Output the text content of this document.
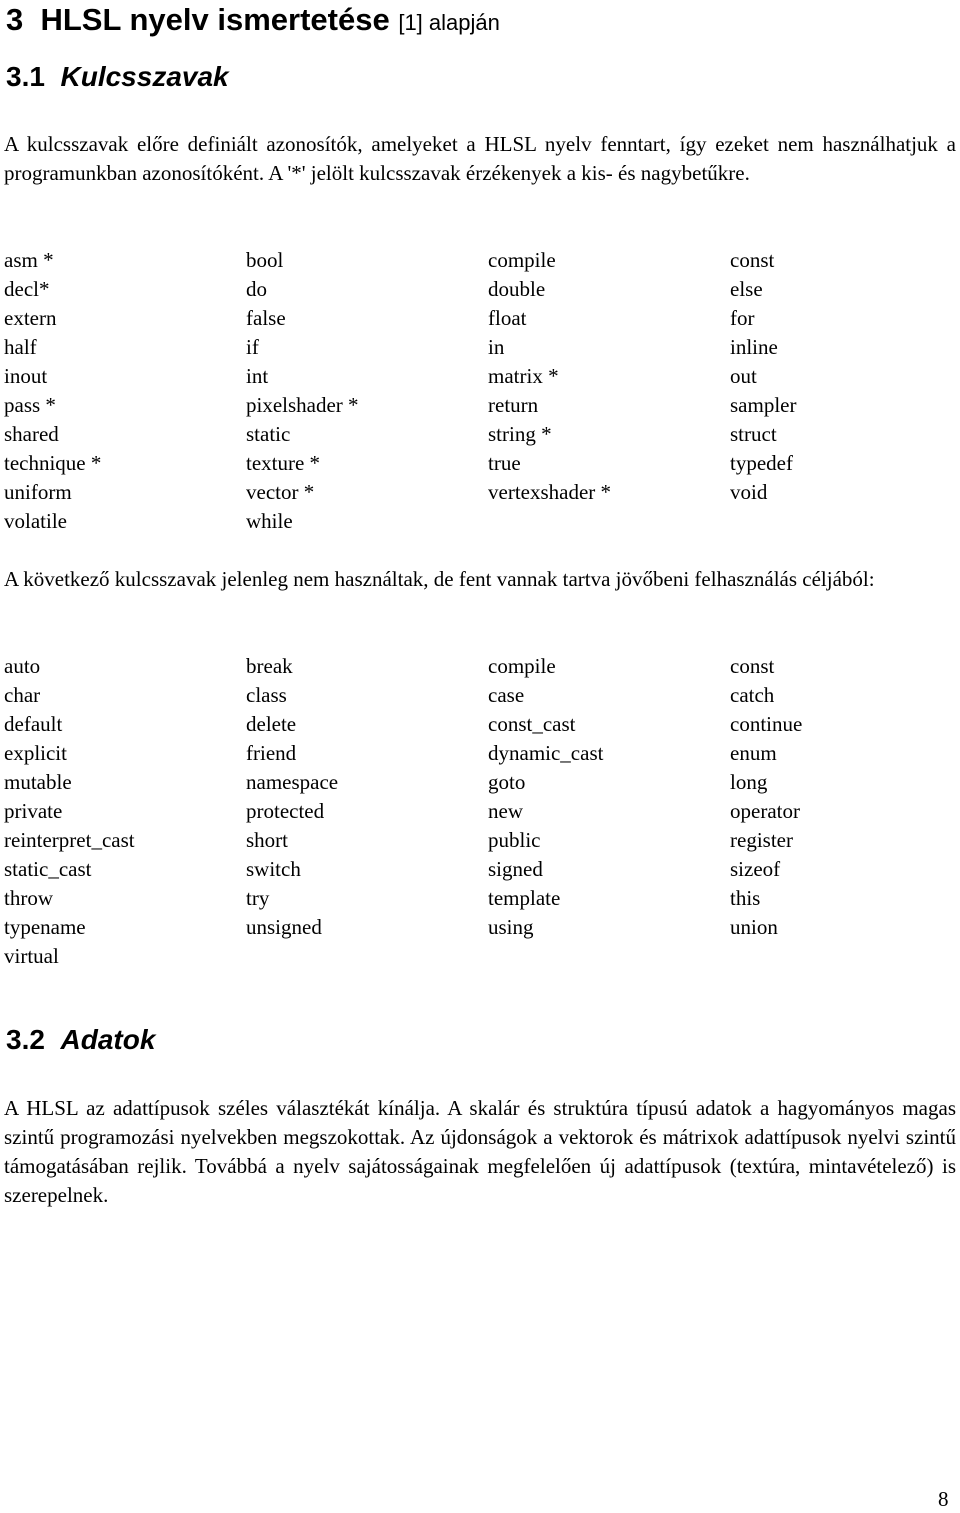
3 HLSL nyelv ismertetése [1] alapján
3.1 Kulcsszavak
A kulcsszavak előre definiált azonosítók, amelyeket a HLSL nyelv fenntart, így ezeket nem használhatjuk a programunkban azonosítóként. A '*' jelölt kulcsszavak érzékenyek a kis- és nagybetűkre.
asm *	bool	compile	const
decl*	do	double	else
extern	false	float	for
half	if	in	inline
inout	int	matrix *	out
pass *	pixelshader *	return	sampler
shared	static	string *	struct
technique *	texture *	true	typedef
uniform	vector *	vertexshader *	void
volatile	while
A következő kulcsszavak jelenleg nem használtak, de fent vannak tartva jövőbeni felhasználás céljából:
auto	break	compile	const
char	class	case	catch
default	delete	const_cast	continue
explicit	friend	dynamic_cast	enum
mutable	namespace	goto	long
private	protected	new	operator
reinterpret_cast	short	public	register
static_cast	switch	signed	sizeof
throw	try	template	this
typename	unsigned	using	union
virtual
3.2 Adatok
A HLSL az adattípusok széles választékát kínálja. A skalár és struktúra típusú adatok a hagyományos magas szintű programozási nyelvekben megszokottak. Az újdonságok a vektorok és mátrixok adattípusok nyelvi szintű támogatásában rejlik. Továbbá a nyelv sajátosságainak megfelelően új adattípusok (textúra, mintavételező) is szerepelnek.
8
